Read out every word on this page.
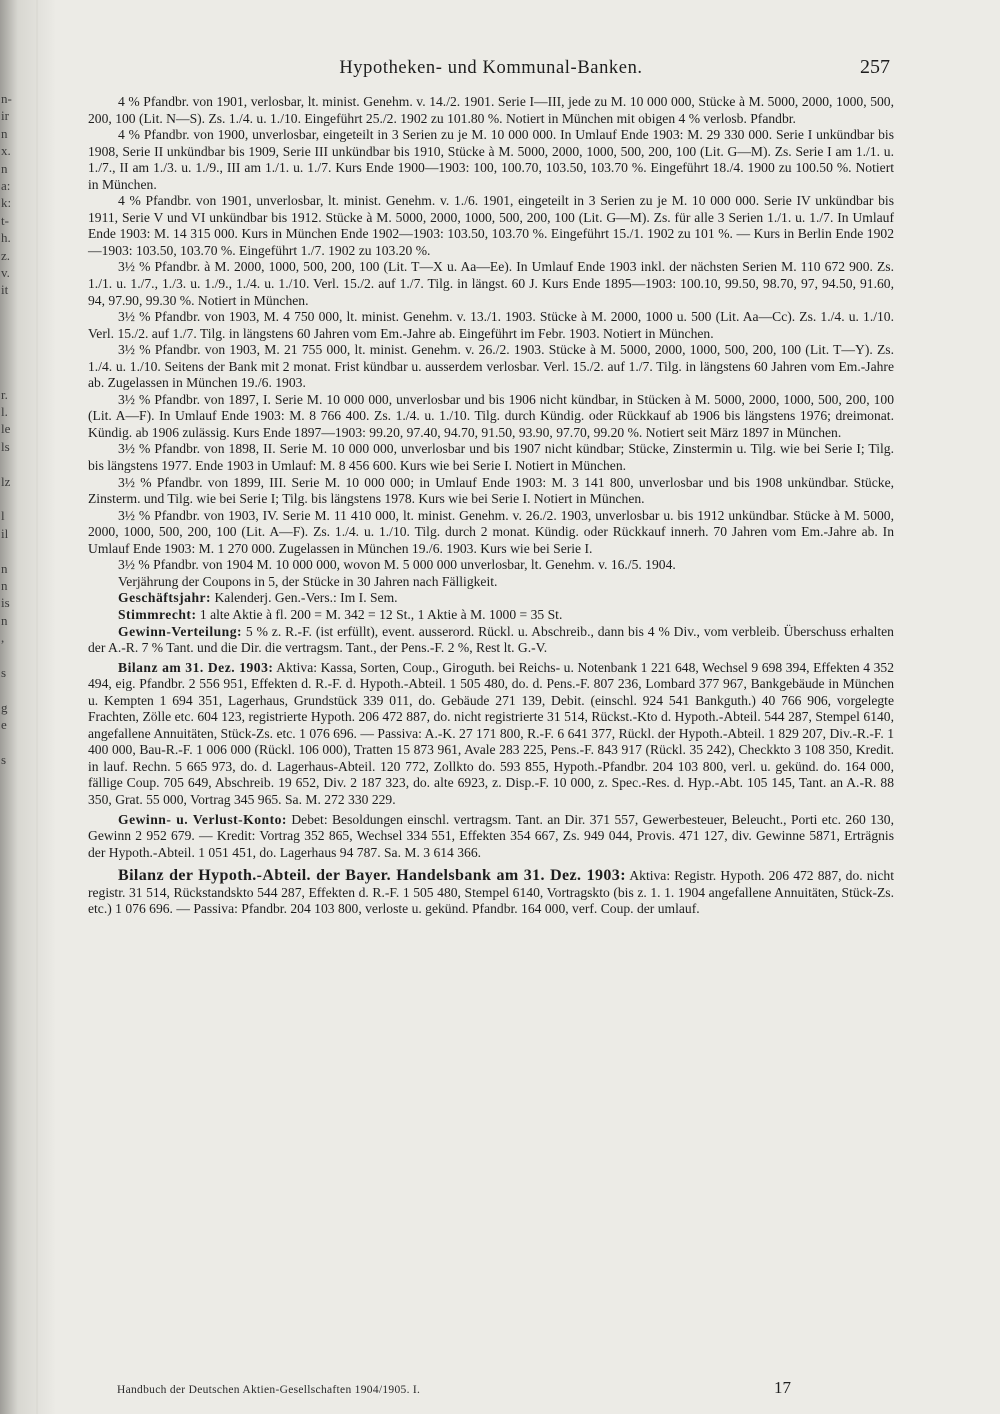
n-
ir
n
x.
n
a:
k:
t-
h.
z.
v.
it
r.
l.
le
ls
lz
l
il
n
n
is
n
,
s
g
e
s
Hypotheken- und Kommunal-Banken.	257

4 % Pfandbr. von 1901, verlosbar, lt. minist. Genehm. v. 14./2. 1901. Serie I—III, jede zu M. 10 000 000, Stücke à M. 5000, 2000, 1000, 500, 200, 100 (Lit. N—S). Zs. 1./4. u. 1./10. Eingeführt 25./2. 1902 zu 101.80 %. Notiert in München mit obigen 4 % verlosb. Pfandbr.

4 % Pfandbr. von 1900, unverlosbar, eingeteilt in 3 Serien zu je M. 10 000 000. In Umlauf Ende 1903: M. 29 330 000. Serie I unkündbar bis 1908, Serie II unkündbar bis 1909, Serie III unkündbar bis 1910, Stücke à M. 5000, 2000, 1000, 500, 200, 100 (Lit. G—M). Zs. Serie I am 1./1. u. 1./7., II am 1./3. u. 1./9., III am 1./1. u. 1./7. Kurs Ende 1900—1903: 100, 100.70, 103.50, 103.70 %. Eingeführt 18./4. 1900 zu 100.50 %. Notiert in München.

4 % Pfandbr. von 1901, unverlosbar, lt. minist. Genehm. v. 1./6. 1901, eingeteilt in 3 Serien zu je M. 10 000 000. Serie IV unkündbar bis 1911, Serie V und VI unkündbar bis 1912. Stücke à M. 5000, 2000, 1000, 500, 200, 100 (Lit. G—M). Zs. für alle 3 Serien 1./1. u. 1./7. In Umlauf Ende 1903: M. 14 315 000. Kurs in München Ende 1902—1903: 103.50, 103.70 %. Eingeführt 15./1. 1902 zu 101 %. — Kurs in Berlin Ende 1902—1903: 103.50, 103.70 %. Eingeführt 1./7. 1902 zu 103.20 %.

3½ % Pfandbr. à M. 2000, 1000, 500, 200, 100 (Lit. T—X u. Aa—Ee). In Umlauf Ende 1903 inkl. der nächsten Serien M. 110 672 900. Zs. 1./1. u. 1./7., 1./3. u. 1./9., 1./4. u. 1./10. Verl. 15./2. auf 1./7. Tilg. in längst. 60 J. Kurs Ende 1895—1903: 100.10, 99.50, 98.70, 97, 94.50, 91.60, 94, 97.90, 99.30 %. Notiert in München.

3½ % Pfandbr. von 1903, M. 4 750 000, lt. minist. Genehm. v. 13./1. 1903. Stücke à M. 2000, 1000 u. 500 (Lit. Aa—Cc). Zs. 1./4. u. 1./10. Verl. 15./2. auf 1./7. Tilg. in längstens 60 Jahren vom Em.-Jahre ab. Eingeführt im Febr. 1903. Notiert in München.

3½ % Pfandbr. von 1903, M. 21 755 000, lt. minist. Genehm. v. 26./2. 1903. Stücke à M. 5000, 2000, 1000, 500, 200, 100 (Lit. T—Y). Zs. 1./4. u. 1./10. Seitens der Bank mit 2 monat. Frist kündbar u. ausserdem verlosbar. Verl. 15./2. auf 1./7. Tilg. in längstens 60 Jahren vom Em.-Jahre ab. Zugelassen in München 19./6. 1903.

3½ % Pfandbr. von 1897, I. Serie M. 10 000 000, unverlosbar und bis 1906 nicht kündbar, in Stücken à M. 5000, 2000, 1000, 500, 200, 100 (Lit. A—F). In Umlauf Ende 1903: M. 8 766 400. Zs. 1./4. u. 1./10. Tilg. durch Kündig. oder Rückkauf ab 1906 bis längstens 1976; dreimonat. Kündig. ab 1906 zulässig. Kurs Ende 1897—1903: 99.20, 97.40, 94.70, 91.50, 93.90, 97.70, 99.20 %. Notiert seit März 1897 in München.

3½ % Pfandbr. von 1898, II. Serie M. 10 000 000, unverlosbar und bis 1907 nicht kündbar; Stücke, Zinstermin u. Tilg. wie bei Serie I; Tilg. bis längstens 1977. Ende 1903 in Umlauf: M. 8 456 600. Kurs wie bei Serie I. Notiert in München.

3½ % Pfandbr. von 1899, III. Serie M. 10 000 000; in Umlauf Ende 1903: M. 3 141 800, unverlosbar und bis 1908 unkündbar. Stücke, Zinsterm. und Tilg. wie bei Serie I; Tilg. bis längstens 1978. Kurs wie bei Serie I. Notiert in München.

3½ % Pfandbr. von 1903, IV. Serie M. 11 410 000, lt. minist. Genehm. v. 26./2. 1903, unverlosbar u. bis 1912 unkündbar. Stücke à M. 5000, 2000, 1000, 500, 200, 100 (Lit. A—F). Zs. 1./4. u. 1./10. Tilg. durch 2 monat. Kündig. oder Rückkauf innerh. 70 Jahren vom Em.-Jahre ab. In Umlauf Ende 1903: M. 1 270 000. Zugelassen in München 19./6. 1903. Kurs wie bei Serie I.

3½ % Pfandbr. von 1904 M. 10 000 000, wovon M. 5 000 000 unverlosbar, lt. Genehm. v. 16./5. 1904.

Verjährung der Coupons in 5, der Stücke in 30 Jahren nach Fälligkeit.

Geschäftsjahr: Kalenderj. Gen.-Vers.: Im I. Sem.

Stimmrecht: 1 alte Aktie à fl. 200 = M. 342 = 12 St., 1 Aktie à M. 1000 = 35 St.

Gewinn-Verteilung: 5 % z. R.-F. (ist erfüllt), event. ausserord. Rückl. u. Abschreib., dann bis 4 % Div., vom verbleib. Überschuss erhalten der A.-R. 7 % Tant. und die Dir. die vertragsm. Tant., der Pens.-F. 2 %, Rest lt. G.-V.

Bilanz am 31. Dez. 1903: Aktiva: Kassa, Sorten, Coup., Giroguth. bei Reichs- u. Notenbank 1 221 648, Wechsel 9 698 394, Effekten 4 352 494, eig. Pfandbr. 2 556 951, Effekten d. R.-F. d. Hypoth.-Abteil. 1 505 480, do. d. Pens.-F. 807 236, Lombard 377 967, Bankgebäude in München u. Kempten 1 694 351, Lagerhaus, Grundstück 339 011, do. Gebäude 271 139, Debit. (einschl. 924 541 Bankguth.) 40 766 906, vorgelegte Frachten, Zölle etc. 604 123, registrierte Hypoth. 206 472 887, do. nicht registrierte 31 514, Rückst.-Kto d. Hypoth.-Abteil. 544 287, Stempel 6140, angefallene Annuitäten, Stück-Zs. etc. 1 076 696. — Passiva: A.-K. 27 171 800, R.-F. 6 641 377, Rückl. der Hypoth.-Abteil. 1 829 207, Div.-R.-F. 1 400 000, Bau-R.-F. 1 006 000 (Rückl. 106 000), Tratten 15 873 961, Avale 283 225, Pens.-F. 843 917 (Rückl. 35 242), Checkkto 3 108 350, Kredit. in lauf. Rechn. 5 665 973, do. d. Lagerhaus-Abteil. 120 772, Zollkto do. 593 855, Hypoth.-Pfandbr. 204 103 800, verl. u. gekünd. do. 164 000, fällige Coup. 705 649, Abschreib. 19 652, Div. 2 187 323, do. alte 6923, z. Disp.-F. 10 000, z. Spec.-Res. d. Hyp.-Abt. 105 145, Tant. an A.-R. 88 350, Grat. 55 000, Vortrag 345 965. Sa. M. 272 330 229.

Gewinn- u. Verlust-Konto: Debet: Besoldungen einschl. vertragsm. Tant. an Dir. 371 557, Gewerbesteuer, Beleucht., Porti etc. 260 130, Gewinn 2 952 679. — Kredit: Vortrag 352 865, Wechsel 334 551, Effekten 354 667, Zs. 949 044, Provis. 471 127, div. Gewinne 5871, Erträgnis der Hypoth.-Abteil. 1 051 451, do. Lagerhaus 94 787. Sa. M. 3 614 366.

Bilanz der Hypoth.-Abteil. der Bayer. Handelsbank am 31. Dez. 1903: Aktiva: Registr. Hypoth. 206 472 887, do. nicht registr. 31 514, Rückstandskto 544 287, Effekten d. R.-F. 1 505 480, Stempel 6140, Vortragskto (bis z. 1. 1. 1904 angefallene Annuitäten, Stück-Zs. etc.) 1 076 696. — Passiva: Pfandbr. 204 103 800, verloste u. gekünd. Pfandbr. 164 000, verf. Coup. der umlauf.

Handbuch der Deutschen Aktien-Gesellschaften 1904/1905. I.	17
